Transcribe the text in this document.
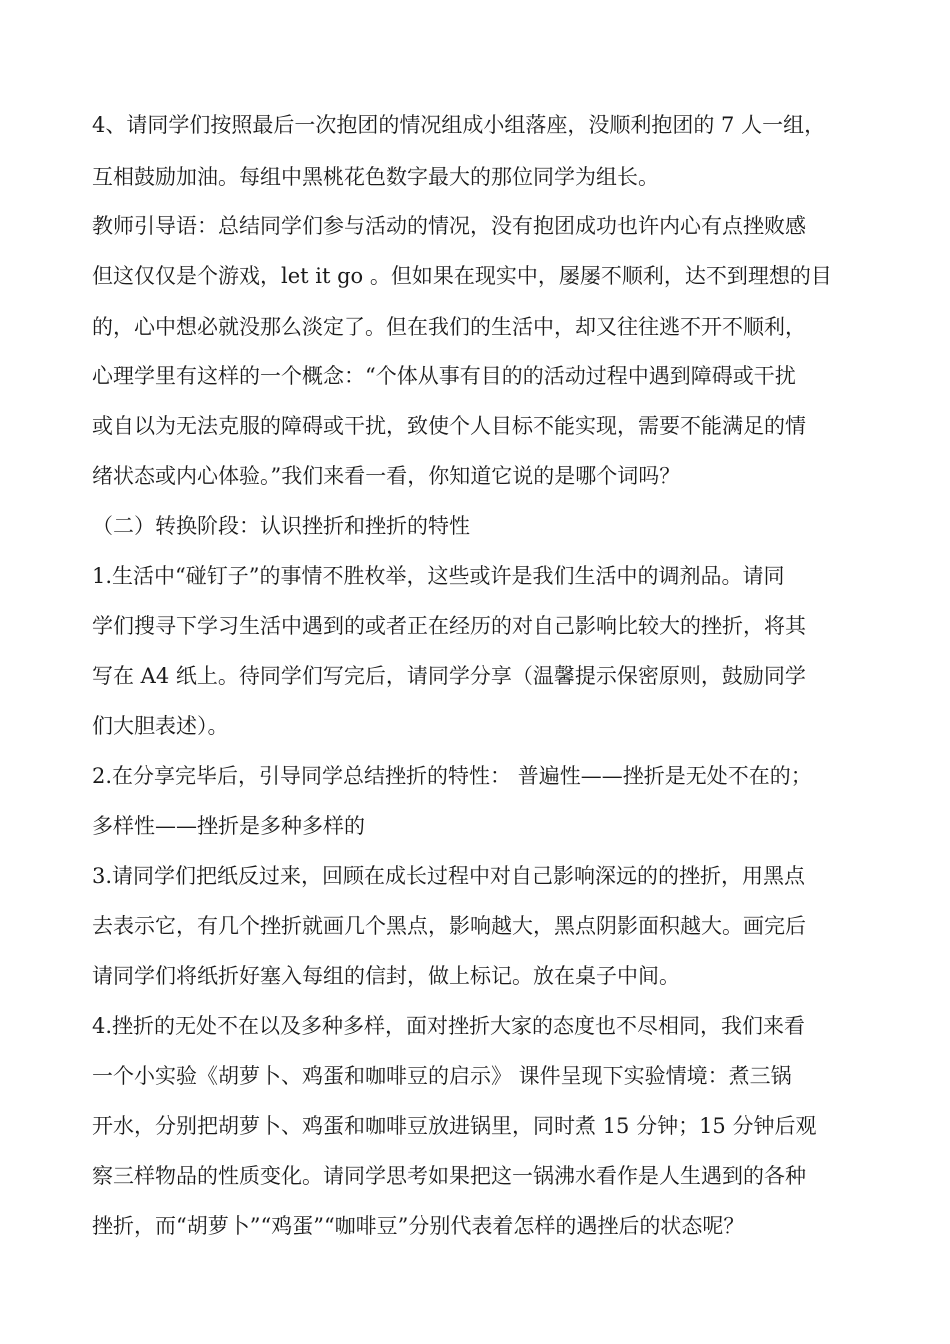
4、请同学们按照最后一次抱团的情况组成小组落座，没顺利抱团的 7 人一组，
互相鼓励加油。每组中黑桃花色数字最大的那位同学为组长。
教师引导语：总结同学们参与活动的情况，没有抱团成功也许内心有点挫败感
但这仅仅是个游戏，let it go 。但如果在现实中，屡屡不顺利，达不到理想的目
的，心中想必就没那么淡定了。但在我们的生活中，却又往往逃不开不顺利，
心理学里有这样的一个概念：“个体从事有目的的活动过程中遇到障碍或干扰
或自以为无法克服的障碍或干扰，致使个人目标不能实现，需要不能满足的情
绪状态或内心体验。”我们来看一看，你知道它说的是哪个词吗？
（二）转换阶段：认识挫折和挫折的特性
1.生活中“碰钉子”的事情不胜枚举，这些或许是我们生活中的调剂品。请同
学们搜寻下学习生活中遇到的或者正在经历的对自己影响比较大的挫折，将其
写在 A4 纸上。待同学们写完后，请同学分享（温馨提示保密原则，鼓励同学
们大胆表述）。
2.在分享完毕后，引导同学总结挫折的特性： 普遍性——挫折是无处不在的；
多样性——挫折是多种多样的
3.请同学们把纸反过来，回顾在成长过程中对自己影响深远的的挫折，用黑点
去表示它，有几个挫折就画几个黑点，影响越大，黑点阴影面积越大。画完后
请同学们将纸折好塞入每组的信封，做上标记。放在桌子中间。
4.挫折的无处不在以及多种多样，面对挫折大家的态度也不尽相同，我们来看
一个小实验《胡萝卜、鸡蛋和咖啡豆的启示》 课件呈现下实验情境：煮三锅
开水，分别把胡萝卜、鸡蛋和咖啡豆放进锅里，同时煮 15 分钟；15 分钟后观
察三样物品的性质变化。请同学思考如果把这一锅沸水看作是人生遇到的各种
挫折，而“胡萝卜”“鸡蛋”“咖啡豆”分别代表着怎样的遇挫后的状态呢？
